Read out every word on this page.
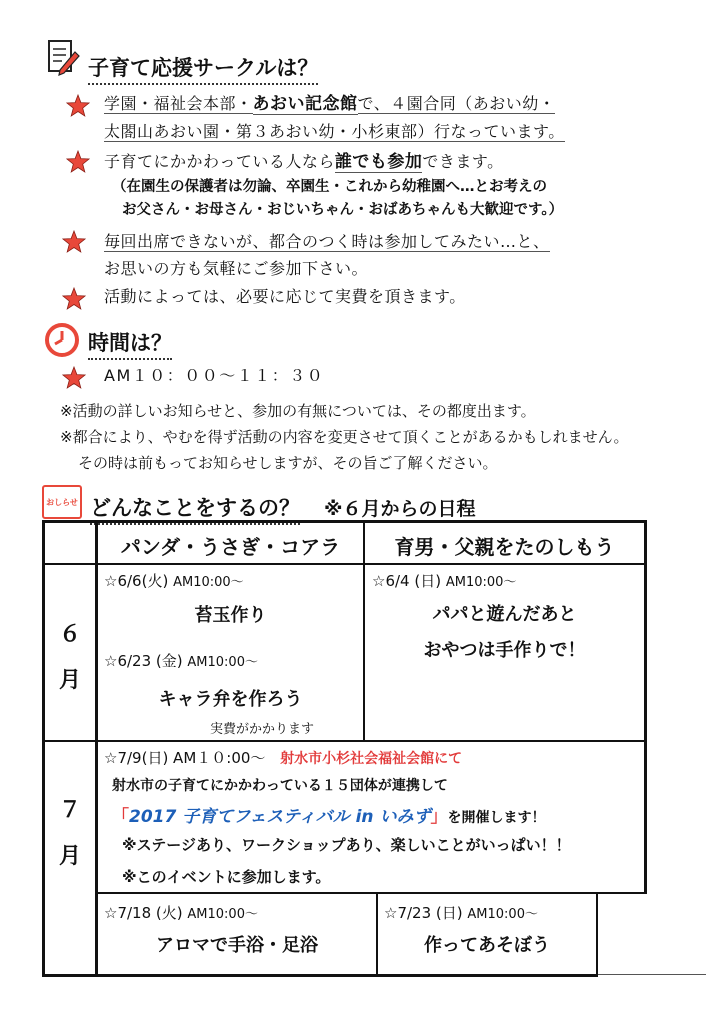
子育て応援サークルは？
学園・福祉会本部・あおい記念館で、４園合同（あおい幼・
太閤山あおい園・第３あおい幼・小杉東部）行なっています。
子育てにかかわっている人なら誰でも参加できます。
（在園生の保護者は勿論、卒園生・これから幼稚園へ…とお考えの
お父さん・お母さん・おじいちゃん・おばあちゃんも大歓迎です。）
毎回出席できないが、都合のつく時は参加してみたい…と、
お思いの方も気軽にご参加下さい。
活動によっては、必要に応じて実費を頂きます。
時間は？
AM１０：００～１１：３０
※活動の詳しいお知らせと、参加の有無については、その都度出ます。
※都合により、やむを得ず活動の内容を変更させて頂くことがあるかもしれません。
その時は前もってお知らせしますが、その旨ご了解ください。
おしらせ どんなことをするの？ ※６月からの日程
パンダ・うさぎ・コアラ	育男・父親をたのしもう
６
月
☆6/6(火) AM10:00～
苔玉作り
☆6/23 (金) AM10:00～
キャラ弁を作ろう
実費がかかります
☆6/4 (日) AM10:00～
パパと遊んだあと
おやつは手作りで！
７
月
☆7/9(日) AM１０:00～ 射水市小杉社会福祉会館にて
射水市の子育てにかかわっている１５団体が連携して
「2017 子育てフェスティバル in いみず」を開催します！
※ステージあり、ワークショップあり、楽しいことがいっぱい！！
※このイベントに参加します。
☆7/18 (火) AM10:00～
アロマで手浴・足浴
☆7/23 (日) AM10:00～
作ってあそぼう
